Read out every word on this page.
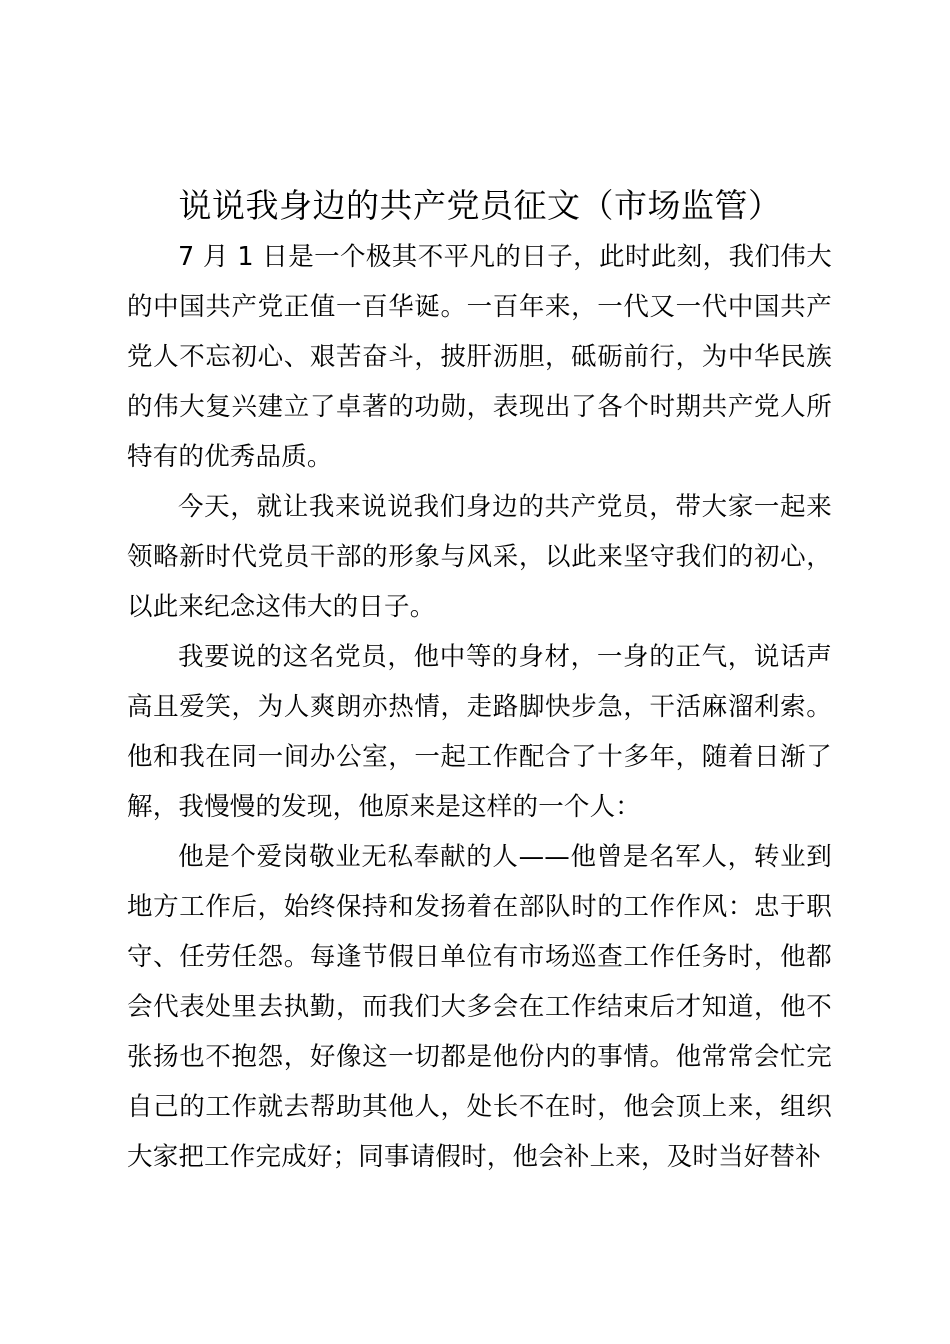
说说我身边的共产党员征文（市场监管）

7 月 1 日是一个极其不平凡的日子，此时此刻，我们伟大的中国共产党正值一百华诞。一百年来，一代又一代中国共产党人不忘初心、艰苦奋斗，披肝沥胆，砥砺前行，为中华民族的伟大复兴建立了卓著的功勋，表现出了各个时期共产党人所特有的优秀品质。

今天，就让我来说说我们身边的共产党员，带大家一起来领略新时代党员干部的形象与风采，以此来坚守我们的初心，以此来纪念这伟大的日子。

我要说的这名党员，他中等的身材，一身的正气，说话声高且爱笑，为人爽朗亦热情，走路脚快步急，干活麻溜利索。他和我在同一间办公室，一起工作配合了十多年，随着日渐了解，我慢慢的发现，他原来是这样的一个人：

他是个爱岗敬业无私奉献的人——他曾是名军人，转业到地方工作后，始终保持和发扬着在部队时的工作作风：忠于职守、任劳任怨。每逢节假日单位有市场巡查工作任务时，他都会代表处里去执勤，而我们大多会在工作结束后才知道，他不张扬也不抱怨，好像这一切都是他份内的事情。他常常会忙完自己的工作就去帮助其他人，处长不在时，他会顶上来，组织大家把工作完成好；同事请假时，他会补上来，及时当好替补
